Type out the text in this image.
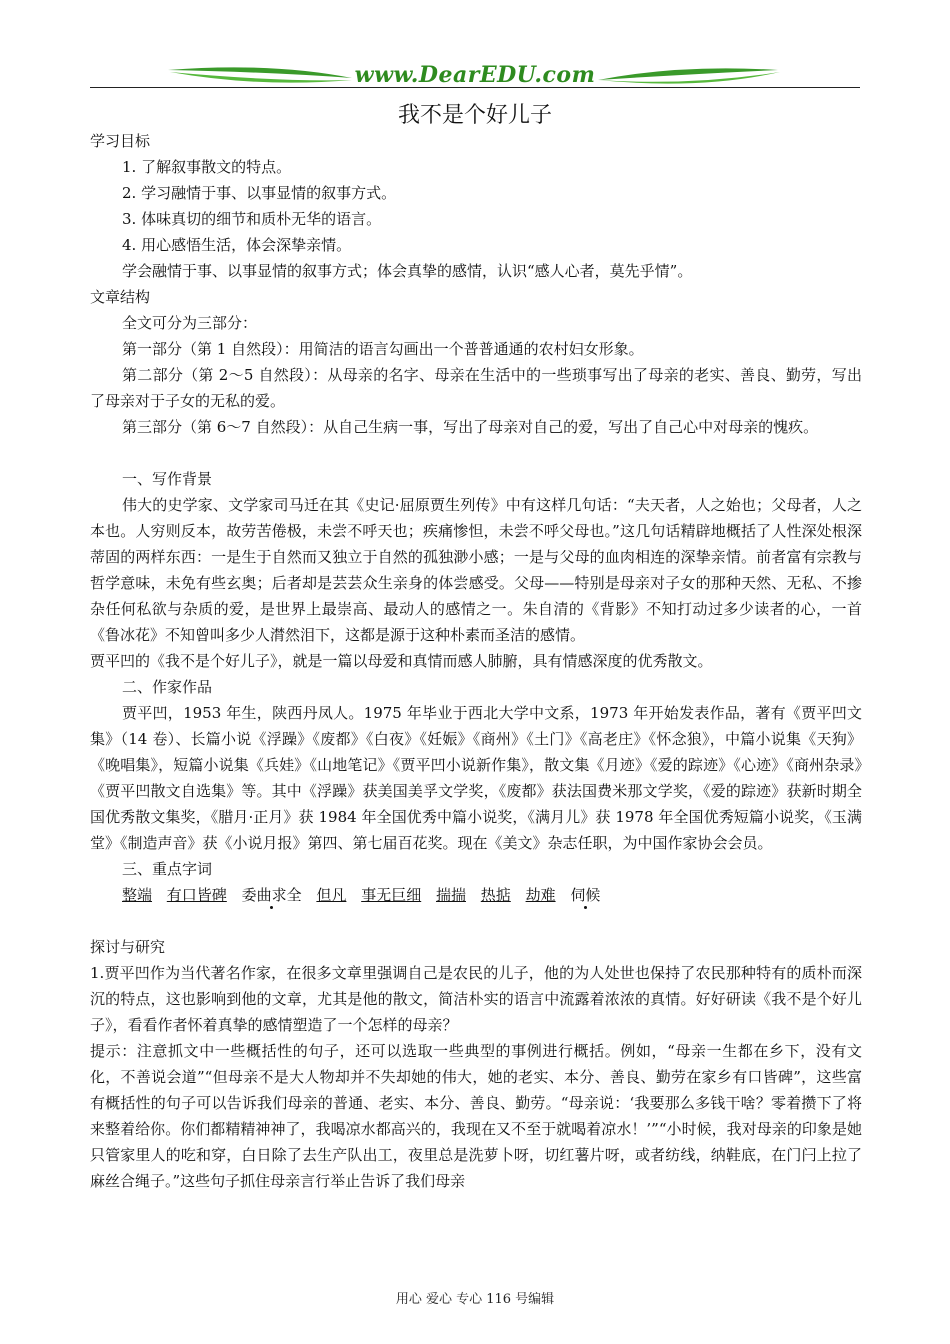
www.DearEDU.com
我不是个好儿子

学习目标

1. 了解叙事散文的特点。

2. 学习融情于事、以事显情的叙事方式。

3. 体味真切的细节和质朴无华的语言。

4. 用心感悟生活，体会深挚亲情。

学会融情于事、以事显情的叙事方式；体会真挚的感情，认识“感人心者，莫先乎情”。

文章结构

全文可分为三部分：

第一部分（第 1 自然段）：用简洁的语言勾画出一个普普通通的农村妇女形象。

第二部分（第 2～5 自然段）：从母亲的名字、母亲在生活中的一些琐事写出了母亲的老实、善良、勤劳，写出了母亲对于子女的无私的爱。

第三部分（第 6～7 自然段）：从自己生病一事，写出了母亲对自己的爱，写出了自己心中对母亲的愧疚。

一、写作背景

伟大的史学家、文学家司马迁在其《史记·屈原贾生列传》中有这样几句话：“夫天者，人之始也；父母者，人之本也。人穷则反本，故劳苦倦极，未尝不呼天也；疾痛惨怛，未尝不呼父母也。”这几句话精辟地概括了人性深处根深蒂固的两样东西：一是生于自然而又独立于自然的孤独渺小感；一是与父母的血肉相连的深挚亲情。前者富有宗教与哲学意味，未免有些玄奥；后者却是芸芸众生亲身的体尝感受。父母——特别是母亲对子女的那种天然、无私、不掺杂任何私欲与杂质的爱，是世界上最崇高、最动人的感情之一。朱自清的《背影》不知打动过多少读者的心，一首《鲁冰花》不知曾叫多少人潸然泪下，这都是源于这种朴素而圣洁的感情。

贾平凹的《我不是个好儿子》，就是一篇以母爱和真情而感人肺腑，具有情感深度的优秀散文。

二、作家作品

贾平凹，1953 年生，陕西丹凤人。1975 年毕业于西北大学中文系，1973 年开始发表作品，著有《贾平凹文集》（14 卷）、长篇小说《浮躁》《废都》《白夜》《妊娠》《商州》《土门》《高老庄》《怀念狼》，中篇小说集《天狗》《晚唱集》，短篇小说集《兵娃》《山地笔记》《贾平凹小说新作集》，散文集《月迹》《爱的踪迹》《心迹》《商州杂录》《贾平凹散文自选集》等。其中《浮躁》获美国美孚文学奖，《废都》获法国费米那文学奖，《爱的踪迹》获新时期全国优秀散文集奖，《腊月·正月》获 1984 年全国优秀中篇小说奖，《满月儿》获 1978 年全国优秀短篇小说奖，《玉满堂》《制造声音》获《小说月报》第四、第七届百花奖。现在《美文》杂志任职，为中国作家协会会员。

三、重点字词

整端 有口皆碑 委曲求全 但凡 事无巨细 揣揣 热掂 劫难 伺候

探讨与研究

1.贾平凹作为当代著名作家，在很多文章里强调自己是农民的儿子，他的为人处世也保持了农民那种特有的质朴而深沉的特点，这也影响到他的文章，尤其是他的散文，简洁朴实的语言中流露着浓浓的真情。好好研读《我不是个好儿子》，看看作者怀着真挚的感情塑造了一个怎样的母亲？

提示：注意抓文中一些概括性的句子，还可以选取一些典型的事例进行概括。例如，“母亲一生都在乡下，没有文化，不善说会道”“但母亲不是大人物却并不失却她的伟大，她的老实、本分、善良、勤劳在家乡有口皆碑”，这些富有概括性的句子可以告诉我们母亲的普通、老实、本分、善良、勤劳。“母亲说：‘我要那么多钱干啥？零着攒下了将来整着给你。你们都精精神神了，我喝凉水都高兴的，我现在又不至于就喝着凉水！’”“小时候，我对母亲的印象是她只管家里人的吃和穿，白日除了去生产队出工，夜里总是洗萝卜呀，切红薯片呀，或者纺线，纳鞋底，在门闩上拉了麻丝合绳子。”这些句子抓住母亲言行举止告诉了我们母亲

用心 爱心 专心 116 号编辑
